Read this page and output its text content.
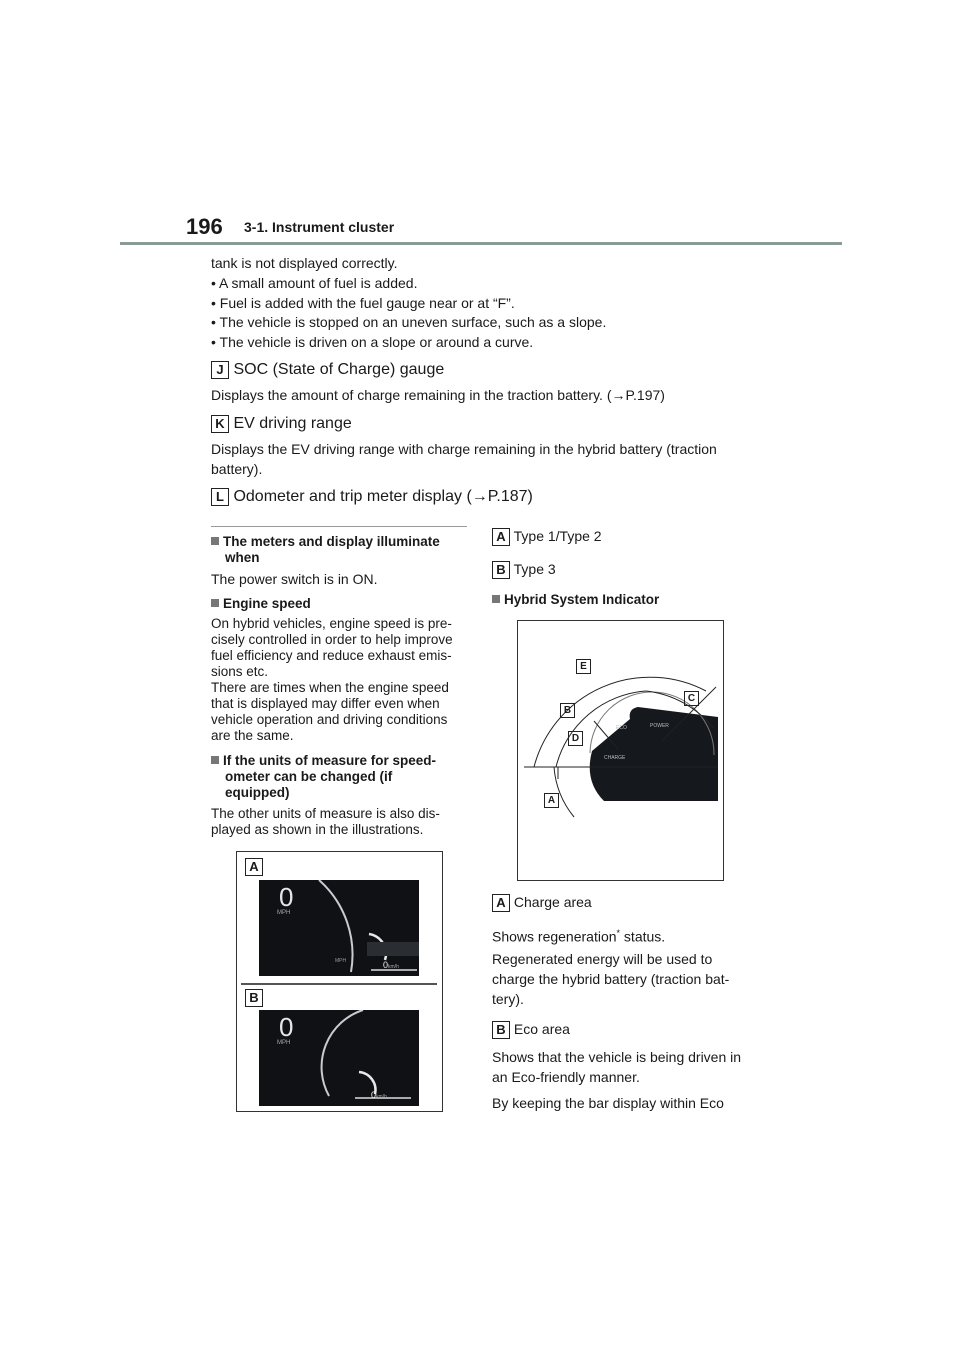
196 3-1. Instrument cluster
tank is not displayed correctly.
• A small amount of fuel is added.
• Fuel is added with the fuel gauge near or at “F”.
• The vehicle is stopped on an uneven surface, such as a slope.
• The vehicle is driven on a slope or around a curve.
J SOC (State of Charge) gauge
Displays the amount of charge remaining in the traction battery. (→P.197)
K EV driving range
Displays the EV driving range with charge remaining in the hybrid battery (traction
battery).
L Odometer and trip meter display (→P.187)
The meters and display illuminate
when
The power switch is in ON.
Engine speed
On hybrid vehicles, engine speed is pre-
cisely controlled in order to help improve
fuel efficiency and reduce exhaust emis-
sions etc.
There are times when the engine speed
that is displayed may differ even when
vehicle operation and driving conditions
are the same.
If the units of measure for speed-
ometer can be changed (if
equipped)
The other units of measure is also dis-
played as shown in the illustrations.
A
0
MPH
MPH	0km/h
B
0
MPH
0km/h
A Type 1/Type 2
B Type 3
Hybrid System Indicator
E
C
B
D
A
ECO	POWER
CHARGE
A Charge area
Shows regeneration* status.
Regenerated energy will be used to
charge the hybrid battery (traction bat-
tery).
B Eco area
Shows that the vehicle is being driven in
an Eco-friendly manner.
By keeping the bar display within Eco
